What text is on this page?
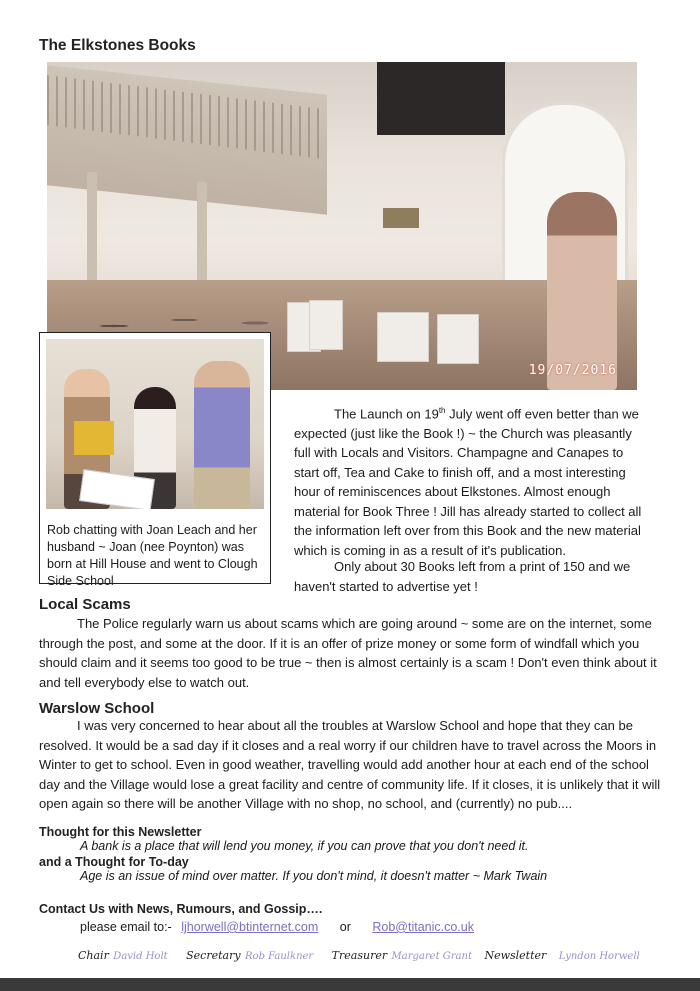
The Elkstones Books
19/07/2016
Rob chatting with Joan Leach and her husband ~ Joan (nee Poynton) was born at Hill House and went to Clough Side School
The Launch on 19th July went off even better than we expected (just like the Book !) ~ the Church was pleasantly full with Locals and Visitors. Champagne and Canapes to start off, Tea and Cake to finish off, and a most interesting hour of reminiscences about Elkstones. Almost enough material for Book Three ! Jill has already started to collect all the information left over from this Book and the new material which is coming in as a result of it's publication.
Only about 30 Books left from a print of 150 and we haven't started to advertise yet !
Local Scams
The Police regularly warn us about scams which are going around ~ some are on the internet, some through the post, and some at the door. If it is an offer of prize money or some form of windfall which you should claim and it seems too good to be true ~ then is almost certainly is a scam ! Don't even think about it and tell everybody else to watch out.
Warslow School
I was very concerned to hear about all the troubles at Warslow School and hope that they can be resolved. It would be a sad day if it closes and a real worry if our children have to travel across the Moors in Winter to get to school. Even in good weather, travelling would add another hour at each end of the school day and the Village would lose a great facility and centre of community life. If it closes, it is unlikely that it will open again so there will be another Village with no shop, no school, and (currently) no pub....
Thought for this Newsletter
A bank is a place that will lend you money, if you can prove that you don't need it.
and a Thought for To-day
Age is an issue of mind over matter. If you don't mind, it doesn't matter ~ Mark Twain
Contact Us with News, Rumours, and Gossip….
please email to:- ljhorwell@btinternet.com or Rob@titanic.co.uk
Chair David Holt Secretary Rob Faulkner Treasurer Margaret Grant Newsletter Lyndon Horwell
